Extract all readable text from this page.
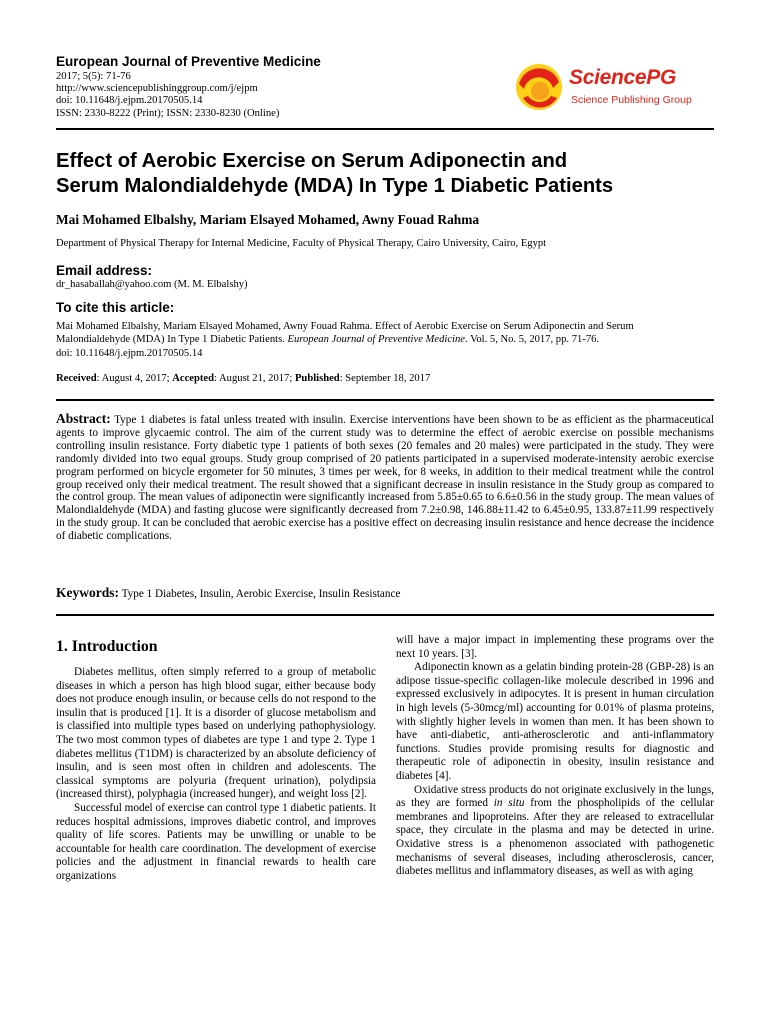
European Journal of Preventive Medicine
2017; 5(5): 71-76
http://www.sciencepublishinggroup.com/j/ejpm
doi: 10.11648/j.ejpm.20170505.14
ISSN: 2330-8222 (Print); ISSN: 2330-8230 (Online)
SciencePG
Science Publishing Group
Effect of Aerobic Exercise on Serum Adiponectin and
Serum Malondialdehyde (MDA) In Type 1 Diabetic Patients
Mai Mohamed Elbalshy, Mariam Elsayed Mohamed, Awny Fouad Rahma
Department of Physical Therapy for Internal Medicine, Faculty of Physical Therapy, Cairo University, Cairo, Egypt
Email address:
dr_hasaballah@yahoo.com (M. M. Elbalshy)
To cite this article:
Mai Mohamed Elbalshy, Mariam Elsayed Mohamed, Awny Fouad Rahma. Effect of Aerobic Exercise on Serum Adiponectin and Serum
Malondialdehyde (MDA) In Type 1 Diabetic Patients. European Journal of Preventive Medicine. Vol. 5, No. 5, 2017, pp. 71-76.
doi: 10.11648/j.ejpm.20170505.14
Received: August 4, 2017; Accepted: August 21, 2017; Published: September 18, 2017
Abstract: Type 1 diabetes is fatal unless treated with insulin. Exercise interventions have been shown to be as efficient as the pharmaceutical agents to improve glycaemic control. The aim of the current study was to determine the effect of aerobic exercise on possible mechanisms controlling insulin resistance. Forty diabetic type 1 patients of both sexes (20 females and 20 males) were participated in the study. They were randomly divided into two equal groups. Study group comprised of 20 patients participated in a supervised moderate-intensity aerobic exercise program performed on bicycle ergometer for 50 minutes, 3 times per week, for 8 weeks, in addition to their medical treatment while the control group received only their medical treatment. The result showed that a significant decrease in insulin resistance in the Study group as compared to the control group. The mean values of adiponectin were significantly increased from 5.85±0.65 to 6.6±0.56 in the study group. The mean values of Malondialdehyde (MDA) and fasting glucose were significantly decreased from 7.2±0.98, 146.88±11.42 to 6.45±0.95, 133.87±11.99 respectively in the study group. It can be concluded that aerobic exercise has a positive effect on decreasing insulin resistance and hence decrease the incidence of diabetic complications.
Keywords: Type 1 Diabetes, Insulin, Aerobic Exercise, Insulin Resistance
1. Introduction

Diabetes mellitus, often simply referred to a group of metabolic diseases in which a person has high blood sugar, either because body does not produce enough insulin, or because cells do not respond to the insulin that is produced [1]. It is a disorder of glucose metabolism and is classified into multiple types based on underlying pathophysiology. The two most common types of diabetes are type 1 and type 2. Type 1 diabetes mellitus (T1DM) is characterized by an absolute deficiency of insulin, and is seen most often in children and adolescents. The classical symptoms are polyuria (frequent urination), polydipsia (increased thirst), polyphagia (increased hunger), and weight loss [2].

Successful model of exercise can control type 1 diabetic patients. It reduces hospital admissions, improves diabetic control, and improves quality of life scores. Patients may be unwilling or unable to be accountable for health care coordination. The development of exercise policies and the adjustment in financial rewards to health care organizations

will have a major impact in implementing these programs over the next 10 years. [3].

Adiponectin known as a gelatin binding protein-28 (GBP-28) is an adipose tissue-specific collagen-like molecule described in 1996 and expressed exclusively in adipocytes. It is present in human circulation in high levels (5-30mcg/ml) accounting for 0.01% of plasma proteins, with slightly higher levels in women than men. It has been shown to have anti-diabetic, anti-atherosclerotic and anti-inflammatory functions. Studies provide promising results for diagnostic and therapeutic role of adiponectin in obesity, insulin resistance and diabetes [4].

Oxidative stress products do not originate exclusively in the lungs, as they are formed in situ from the phospholipids of the cellular membranes and lipoproteins. After they are released to extracellular space, they circulate in the plasma and may be detected in urine. Oxidative stress is a phenomenon associated with pathogenetic mechanisms of several diseases, including atherosclerosis, cancer, diabetes mellitus and inflammatory diseases, as well as with aging
